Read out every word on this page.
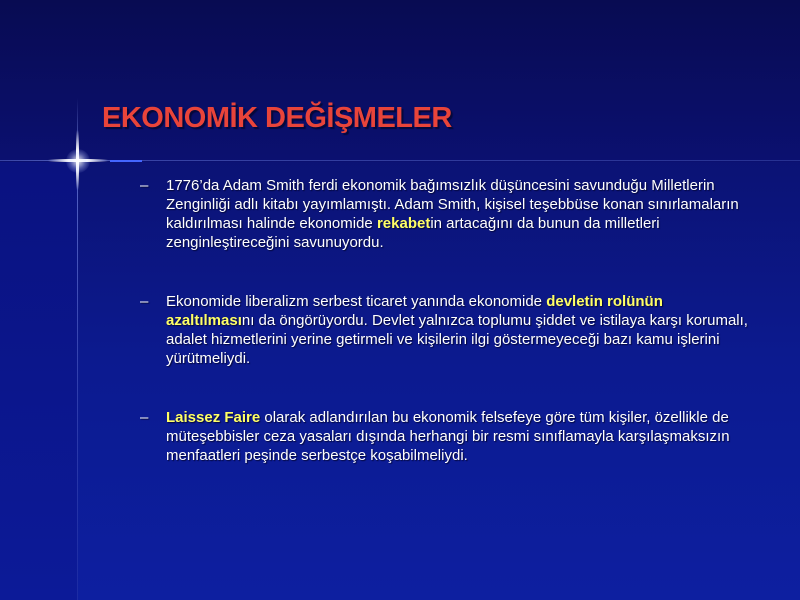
EKONOMİK DEĞİŞMELER
– 1776’da Adam Smith ferdi ekonomik bağımsızlık düşüncesini savunduğu Milletlerin Zenginliği adlı kitabı yayımlamıştı. Adam Smith, kişisel teşebbüse konan sınırlamaların kaldırılması halinde ekonomide rekabetin artacağını da bunun da milletleri zenginleştireceğini savunuyordu.
– Ekonomide liberalizm serbest ticaret yanında ekonomide devletin rolünün azaltılmasını da öngörüyordu. Devlet yalnızca toplumu şiddet ve istilaya karşı korumalı, adalet hizmetlerini yerine getirmeli ve kişilerin ilgi göstermeyeceği bazı kamu işlerini yürütmeliydi.
– Laissez Faire olarak adlandırılan bu ekonomik felsefeye göre tüm kişiler, özellikle de müteşebbisler ceza yasaları dışında herhangi bir resmi sınıflamayla karşılaşmaksızın menfaatleri peşinde serbestçe koşabilmeliydi.
